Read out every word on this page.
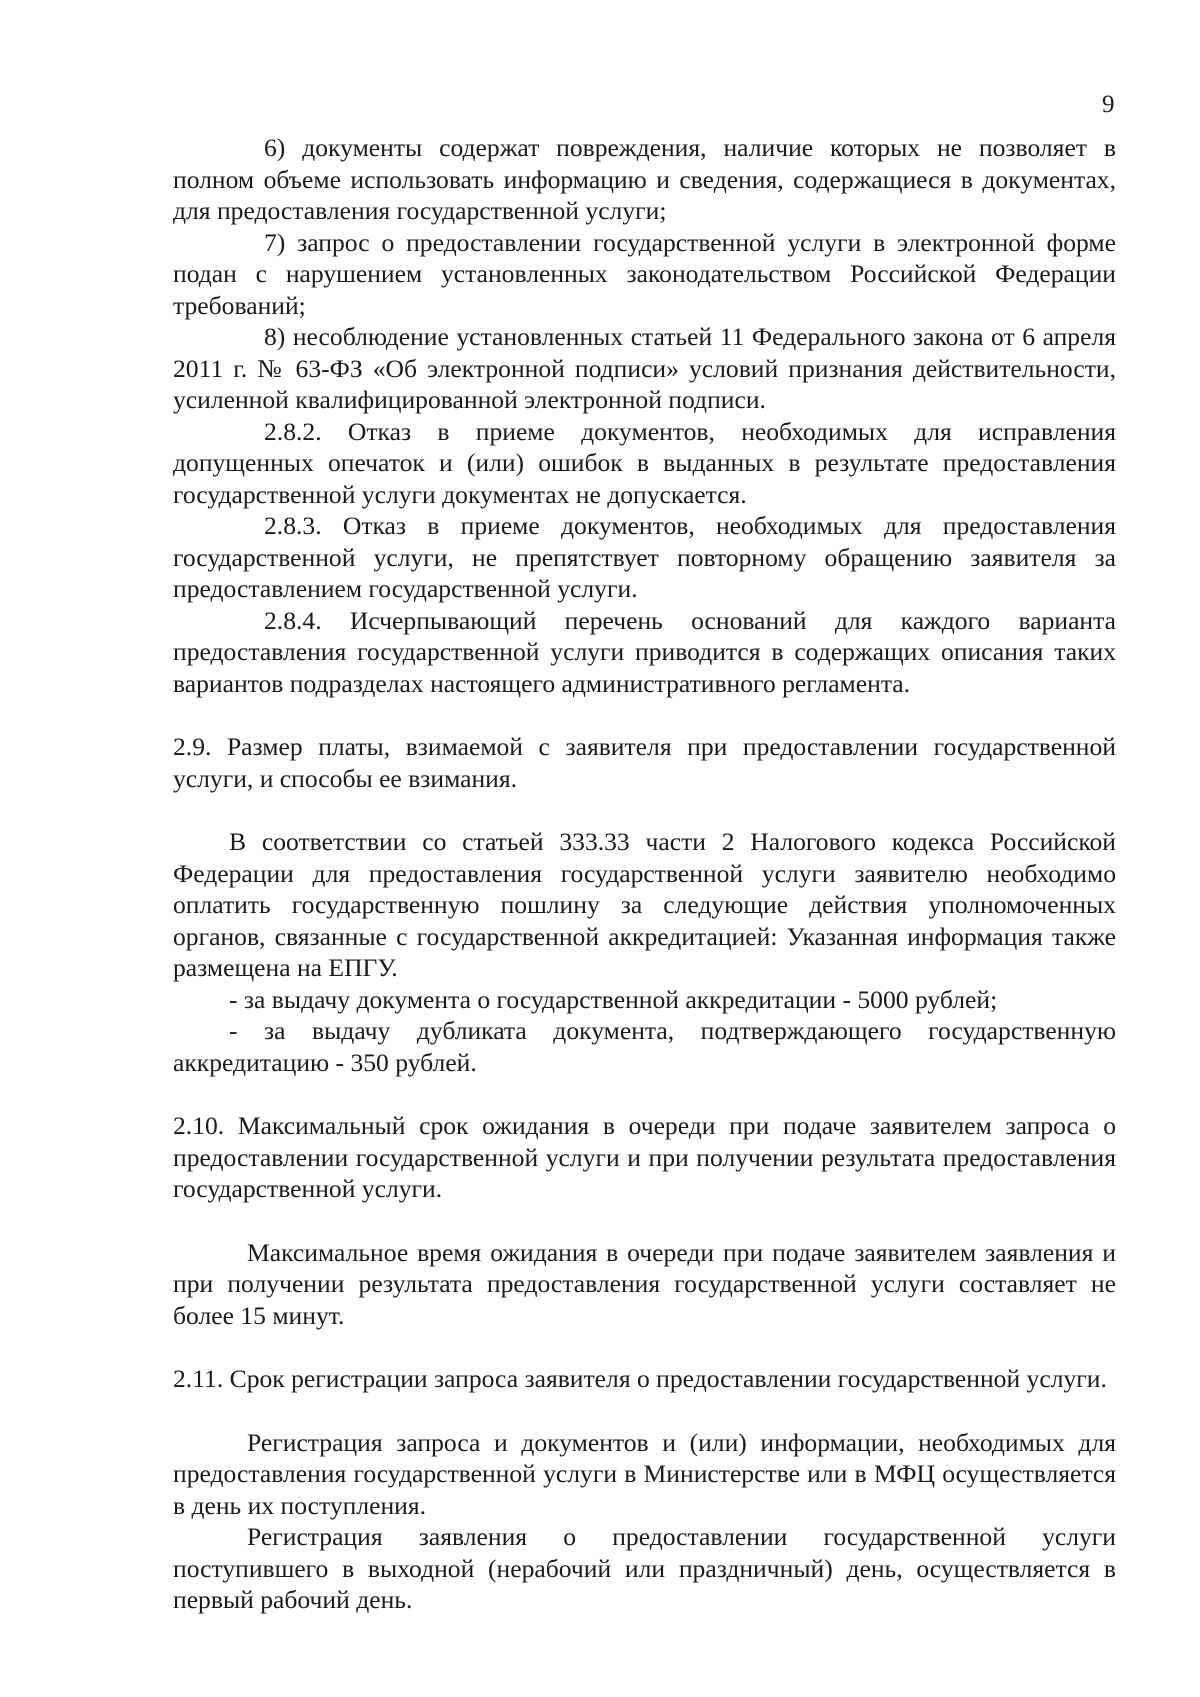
9

6) документы содержат повреждения, наличие которых не позволяет в полном объеме использовать информацию и сведения, содержащиеся в документах, для предоставления государственной услуги;

7) запрос о предоставлении государственной услуги в электронной форме подан с нарушением установленных законодательством Российской Федерации требований;

8) несоблюдение установленных статьей 11 Федерального закона от 6 апреля 2011 г. № 63-ФЗ «Об электронной подписи» условий признания действительности, усиленной квалифицированной электронной подписи.

2.8.2. Отказ в приеме документов, необходимых для исправления допущенных опечаток и (или) ошибок в выданных в результате предоставления государственной услуги документах не допускается.

2.8.3. Отказ в приеме документов, необходимых для предоставления государственной услуги, не препятствует повторному обращению заявителя за предоставлением государственной услуги.

2.8.4. Исчерпывающий перечень оснований для каждого варианта предоставления государственной услуги приводится в содержащих описания таких вариантов подразделах настоящего административного регламента.

2.9. Размер платы, взимаемой с заявителя при предоставлении государственной услуги, и способы ее взимания.

В соответствии со статьей 333.33 части 2 Налогового кодекса Российской Федерации для предоставления государственной услуги заявителю необходимо оплатить государственную пошлину за следующие действия уполномоченных органов, связанные с государственной аккредитацией: Указанная информация также размещена на ЕПГУ.

- за выдачу документа о государственной аккредитации - 5000 рублей;

- за выдачу дубликата документа, подтверждающего государственную аккредитацию - 350 рублей.

2.10. Максимальный срок ожидания в очереди при подаче заявителем запроса о предоставлении государственной услуги и при получении результата предоставления государственной услуги.

Максимальное время ожидания в очереди при подаче заявителем заявления и при получении результата предоставления государственной услуги составляет не более 15 минут.

2.11. Срок регистрации запроса заявителя о предоставлении государственной услуги.

Регистрация запроса и документов и (или) информации, необходимых для предоставления государственной услуги в Министерстве или в МФЦ осуществляется в день их поступления.

Регистрация заявления о предоставлении государственной услуги поступившего в выходной (нерабочий или праздничный) день, осуществляется в первый рабочий день.
